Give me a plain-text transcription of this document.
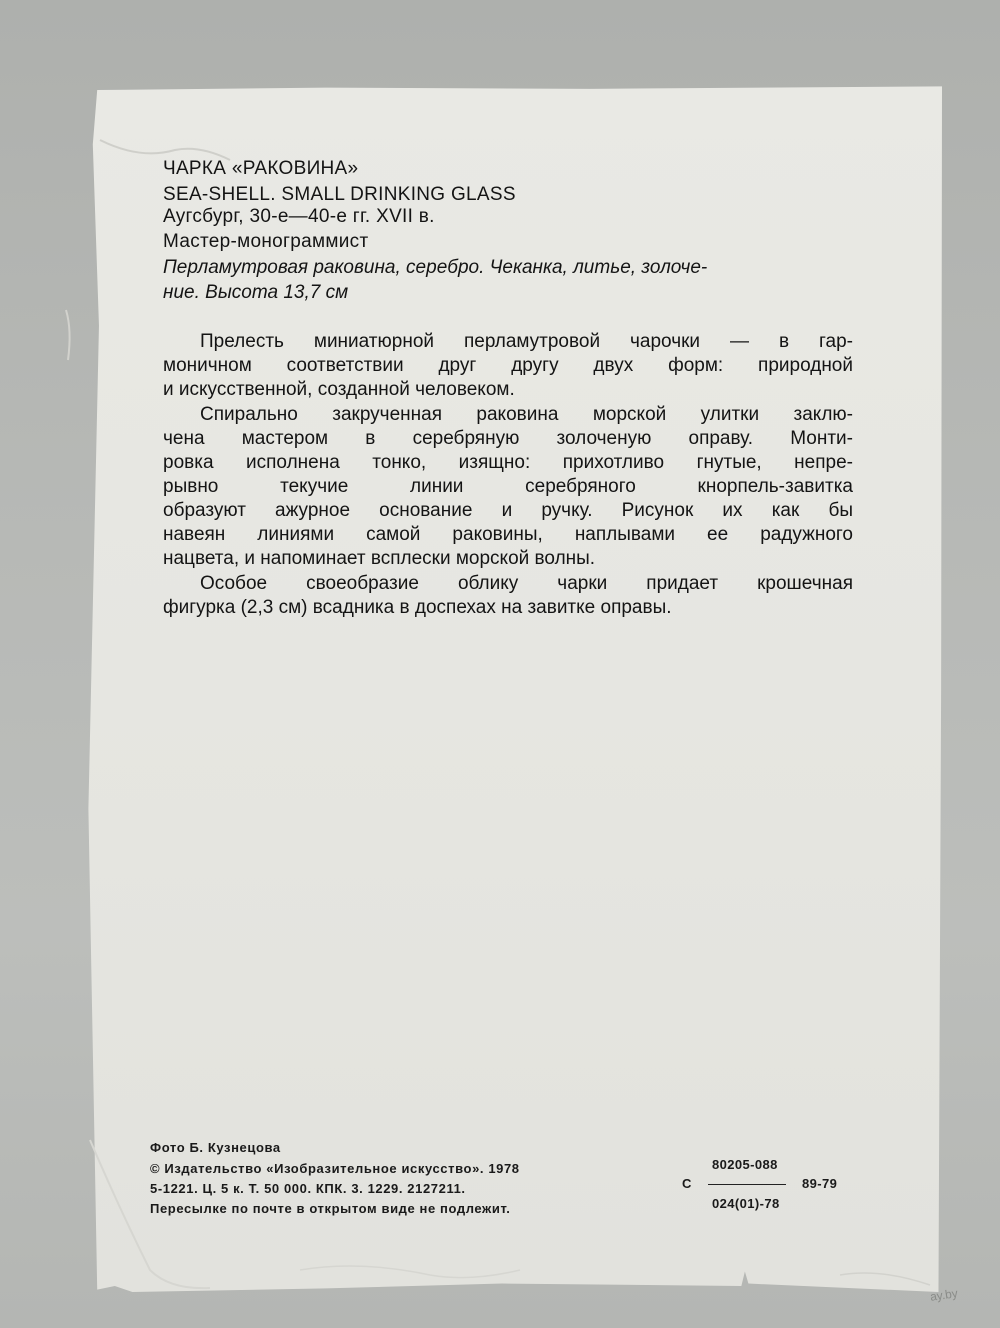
ЧАРКА «РАКОВИНА»
SEA-SHELL. SMALL DRINKING GLASS
Аугсбург, 30-е—40-е гг. XVII в.
Мастер-монограммист
Перламутровая раковина, серебро. Чеканка, литье, золоче-
ние. Высота 13,7 см
Прелесть миниатюрной перламутровой чарочки — в гар-
моничном соответствии друг другу двух форм: природной
и искусственной, созданной человеком.
Спирально закрученная раковина морской улитки заклю-
чена мастером в серебряную золоченую оправу. Монти-
ровка исполнена тонко, изящно: прихотливо гнутые, непре-
рывно текучие линии серебряного кнорпель-завитка
образуют ажурное основание и ручку. Рисунок их как бы
навеян линиями самой раковины, наплывами ее радужного
нацвета, и напоминает всплески морской волны.
Особое своеобразие облику чарки придает крошечная
фигурка (2,3 см) всадника в доспехах на завитке оправы.
Фото Б. Кузнецова
© Издательство «Изобразительное искусство». 1978
5-1221. Ц. 5 к. Т. 50 000. КПК. 3. 1229. 2127211.
Пересылке по почте в открытом виде не подлежит.
С
80205-088
024(01)-78
89-79
ay.by
